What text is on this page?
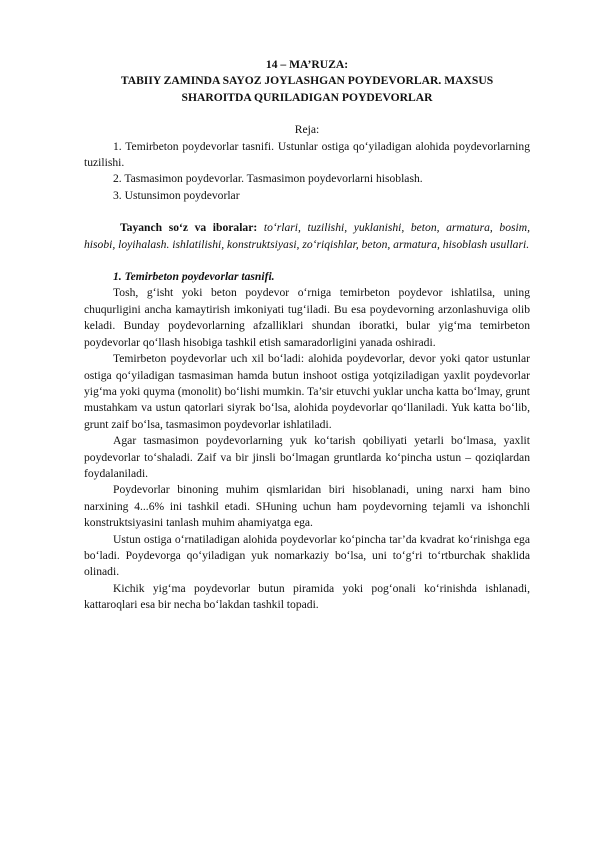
14 – MA’RUZA:
TABIIY ZAMINDA SAYOZ JOYLASHGAN POYDEVORLAR. MAXSUS
SHAROITDA QURILADIGAN POYDEVORLAR
Reja:

1. Temirbeton poydevorlar tasnifi. Ustunlar ostiga qo‘yiladigan alohida poydevorlarning tuzilishi.

2. Tasmasimon poydevorlar. Tasmasimon poydevorlarni hisoblash.

3. Ustunsimon poydevorlar

Tayanch so‘z va iboralar: to‘rlari, tuzilishi, yuklanishi, beton, armatura, bosim, hisobi, loyihalash. ishlatilishi, konstruktsiyasi, zo‘riqishlar, beton, armatura, hisoblash usullari.

1. Temirbeton poydevorlar tasnifi.

Tosh, g‘isht yoki beton poydevor o‘rniga temirbeton poydevor ishlatilsa, uning chuqurligini ancha kamaytirish imkoniyati tug‘iladi. Bu esa poydevorning arzonlashuviga olib keladi. Bunday poydevorlarning afzalliklari shundan iboratki, bular yig‘ma temirbeton poydevorlar qo‘llash hisobiga tashkil etish samaradorligini yanada oshiradi.

Temirbeton poydevorlar uch xil bo‘ladi: alohida poydevorlar, devor yoki qator ustunlar ostiga qo‘yiladigan tasmasiman hamda butun inshoot ostiga yotqiziladigan yaxlit poydevorlar yig‘ma yoki quyma (monolit) bo‘lishi mumkin. Ta’sir etuvchi yuklar uncha katta bo‘lmay, grunt mustahkam va ustun qatorlari siyrak bo‘lsa, alohida poydevorlar qo‘llaniladi. Yuk katta bo‘lib, grunt zaif bo‘lsa, tasmasimon poydevorlar ishlatiladi.

Agar tasmasimon poydevorlarning yuk ko‘tarish qobiliyati yetarli bo‘lmasa, yaxlit poydevorlar to‘shaladi. Zaif va bir jinsli bo‘lmagan gruntlarda ko‘pincha ustun – qoziqlardan foydalaniladi.

Poydevorlar binoning muhim qismlaridan biri hisoblanadi, uning narxi ham bino narxining 4...6% ini tashkil etadi. SHuning uchun ham poydevorning tejamli va ishonchli konstruktsiyasini tanlash muhim ahamiyatga ega.

Ustun ostiga o‘rnatiladigan alohida poydevorlar ko‘pincha tar’da kvadrat ko‘rinishga ega bo‘ladi. Poydevorga qo‘yiladigan yuk nomarkaziy bo‘lsa, uni to‘g‘ri to‘rtburchak shaklida olinadi.

Kichik yig‘ma poydevorlar butun piramida yoki pog‘onali ko‘rinishda ishlanadi, kattaroqlari esa bir necha bo‘lakdan tashkil topadi.
